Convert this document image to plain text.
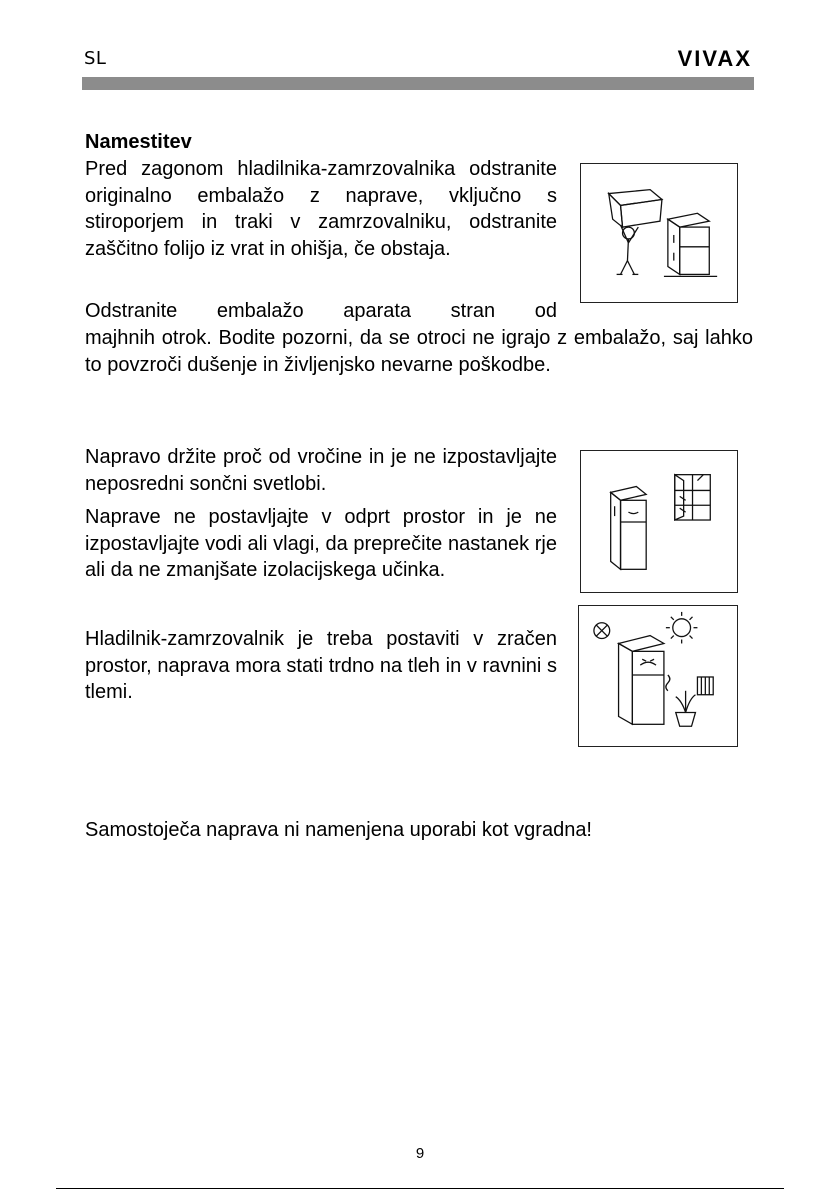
SL	VIVAX
Namestitev
Pred zagonom hladilnika-zamrzovalnika odstranite originalno embalažo z naprave, vključno s stiroporjem in traki v zamrzovalniku, odstranite zaščitno folijo iz vrat in ohišja, če obstaja.
Odstranite embalažo aparata stran od
majhnih otrok. Bodite pozorni, da se otroci ne igrajo z embalažo, saj lahko to povzroči dušenje in življenjsko nevarne poškodbe.
Napravo držite proč od vročine in je ne izpostavljajte neposredni sončni svetlobi.
Naprave ne postavljajte v odprt prostor in je ne izpostavljajte vodi ali vlagi, da preprečite nastanek rje ali da ne zmanjšate izolacijskega učinka.
Hladilnik-zamrzovalnik je treba postaviti v zračen prostor, naprava mora stati trdno na tleh in v ravnini s tlemi.
Samostoječa naprava ni namenjena uporabi kot vgradna!
9
